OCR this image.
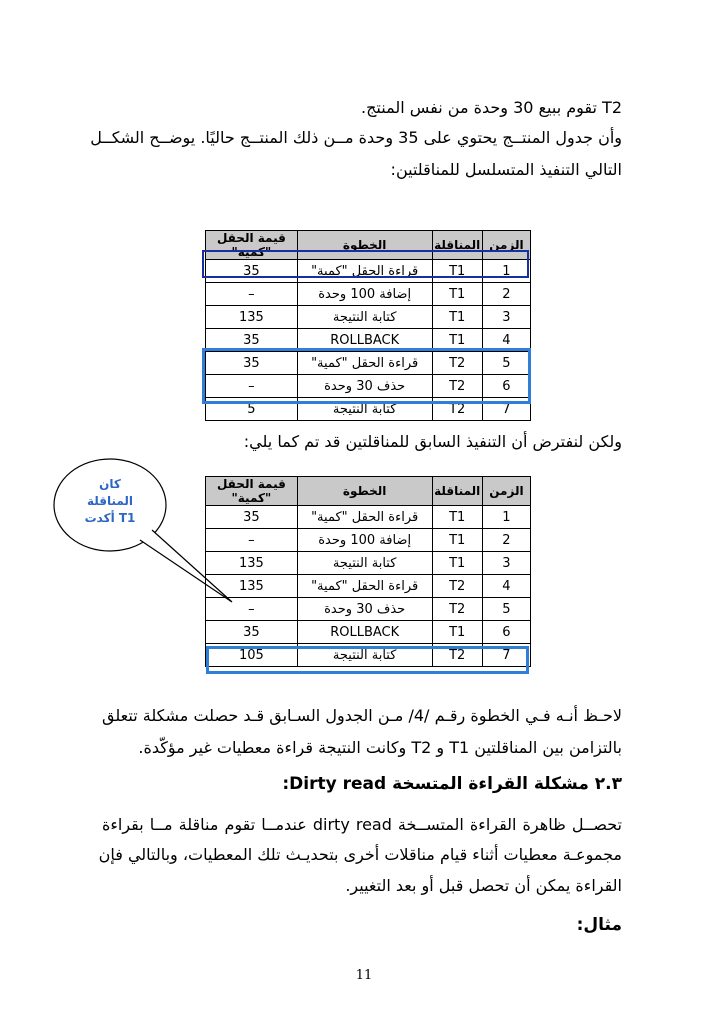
T2 تقوم ببيع 30 وحدة من نفس المنتج.
وأن جدول المنتــج يحتوي على 35 وحدة مــن ذلك المنتــج حاليًا. يوضــح الشكــل
التالي التنفيذ المتسلسل للمناقلتين:
الزمن	المناقلة	الخطوة	قيمة الحقل "كمية"
1	T1	قراءة الحقل "كمية"	35
2	T1	إضافة 100 وحدة	–
3	T1	كتابة النتيجة	135
4	T1	ROLLBACK	35
5	T2	قراءة الحقل "كمية"	35
6	T2	حذف 30 وحدة	–
7	T2	كتابة النتيجة	5
ولكن لنفترض أن التنفيذ السابق للمناقلتين قد تم كما يلي:
كان
المناقلة
T1 أكدت
الزمن	المناقلة	الخطوة	قيمة الحقل "كمية"
1	T1	قراءة الحقل "كمية"	35
2	T1	إضافة 100 وحدة	–
3	T1	كتابة النتيجة	135
4	T2	قراءة الحقل "كمية"	135
5	T2	حذف 30 وحدة	–
6	T1	ROLLBACK	35
7	T2	كتابة النتيجة	105
لاحـظ أنـه فـي الخطوة رقـم /4/ مـن الجدول السـابق قـد حصلت مشكلة تتعلق
بالتزامن بين المناقلتين T1 و T2 وكانت النتيجة قراءة معطيات غير مؤكّدة.
٢.٣ مشكلة القراءة المتسخة Dirty read:
تحصــل ظاهرة القراءة المتســخة dirty read عندمــا تقوم مناقلة مــا بقراءة
مجموعـة معطيات أثناء قيام مناقلات أخرى بتحديـث تلك المعطيات، وبالتالي فإن
القراءة يمكن أن تحصل قبل أو بعد التغيير.
مثال:
11
